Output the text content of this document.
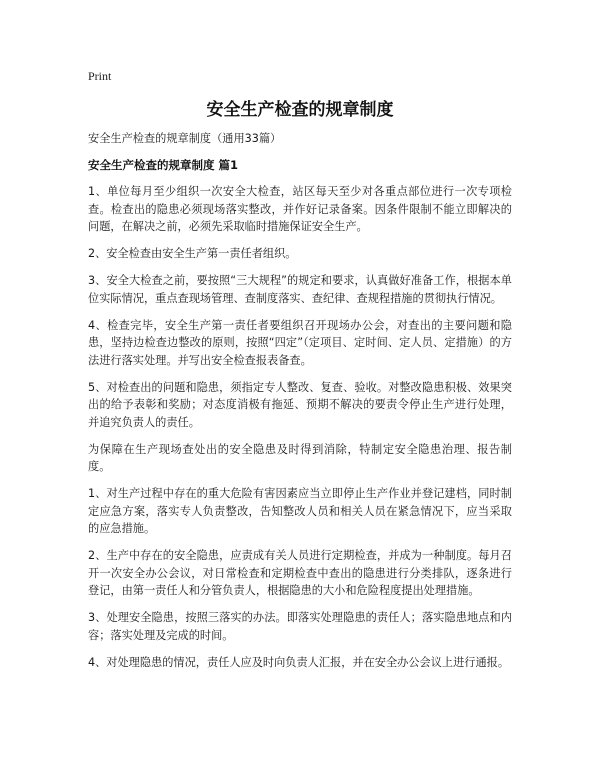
Print
安全生产检查的规章制度
安全生产检查的规章制度（通用33篇）
安全生产检查的规章制度 篇1

1、单位每月至少组织一次安全大检查，站区每天至少对各重点部位进行一次专项检查。检查出的隐患必须现场落实整改，并作好记录备案。因条件限制不能立即解决的问题，在解决之前，必须先采取临时措施保证安全生产。

2、安全检查由安全生产第一责任者组织。

3、安全大检查之前，要按照“三大规程”的规定和要求，认真做好准备工作，根据本单位实际情况，重点查现场管理、查制度落实、查纪律、查规程措施的贯彻执行情况。

4、检查完毕，安全生产第一责任者要组织召开现场办公会，对查出的主要问题和隐患，坚持边检查边整改的原则，按照“四定”（定项目、定时间、定人员、定措施）的方法进行落实处理。并写出安全检查报表备查。

5、对检查出的问题和隐患，须指定专人整改、复查、验收。对整改隐患积极、效果突出的给予表彰和奖励；对态度消极有拖延、预期不解决的要责令停止生产进行处理，并追究负责人的责任。

为保障在生产现场查处出的安全隐患及时得到消除，特制定安全隐患治理、报告制度。

1、对生产过程中存在的重大危险有害因素应当立即停止生产作业并登记建档，同时制定应急方案，落实专人负责整改，告知整改人员和相关人员在紧急情况下，应当采取的应急措施。

2、生产中存在的安全隐患，应责成有关人员进行定期检查，并成为一种制度。每月召开一次安全办公会议，对日常检查和定期检查中查出的隐患进行分类排队，逐条进行登记，由第一责任人和分管负责人，根据隐患的大小和危险程度提出处理措施。

3、处理安全隐患，按照三落实的办法。即落实处理隐患的责任人；落实隐患地点和内容；落实处理及完成的时间。

4、对处理隐患的情况，责任人应及时向负责人汇报，并在安全办公会议上进行通报。
